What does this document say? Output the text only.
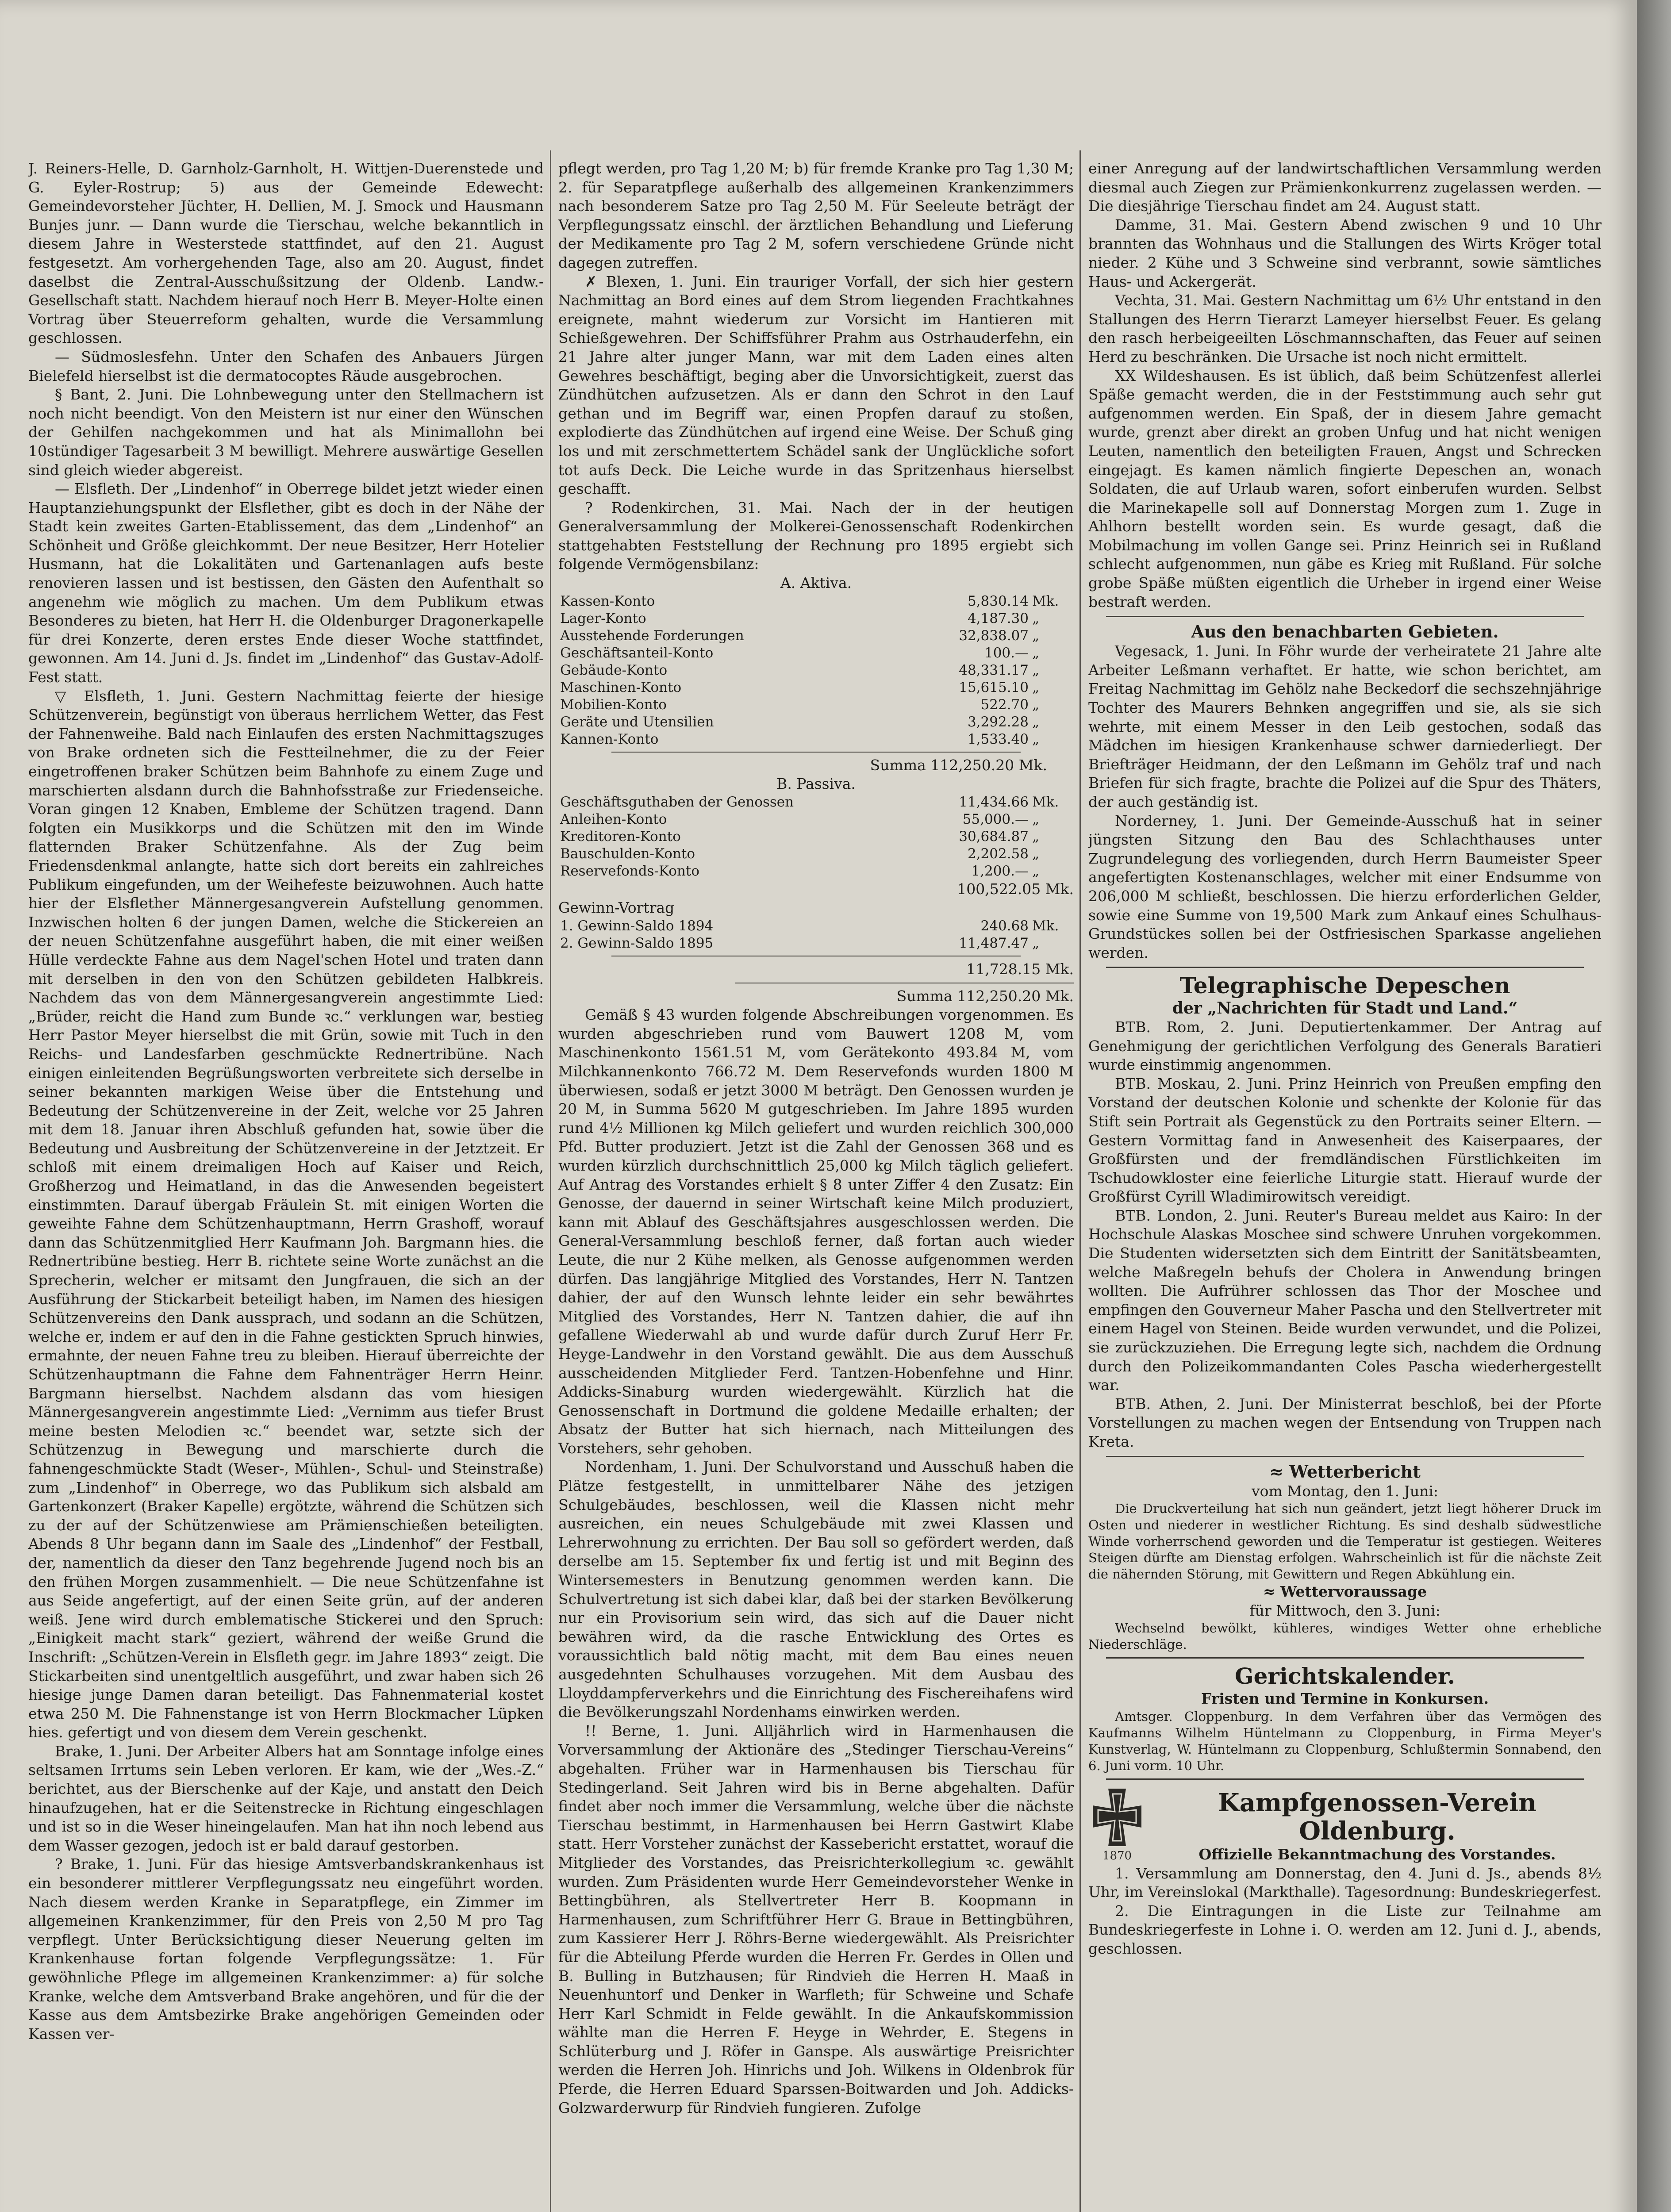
J. Reiners-Helle, D. Garnholz-Garnholt, H. Wittjen-Duerenstede und G. Eyler-Rostrup; 5) aus der Gemeinde Edewecht: Gemeindevorsteher Jüchter, H. Dellien, M. J. Smock und Hausmann Bunjes junr. — Dann wurde die Tierschau, welche bekanntlich in diesem Jahre in Westerstede stattfindet, auf den 21. August festgesetzt. Am vorhergehenden Tage, also am 20. August, findet daselbst die Zentral-Ausschußsitzung der Oldenb. Landw.-Gesellschaft statt. Nachdem hierauf noch Herr B. Meyer-Holte einen Vortrag über Steuerreform gehalten, wurde die Versammlung geschlossen.

— Südmoslesfehn. Unter den Schafen des Anbauers Jürgen Bielefeld hierselbst ist die dermatocoptes Räude ausgebrochen.

§ Bant, 2. Juni. Die Lohnbewegung unter den Stellmachern ist noch nicht beendigt. Von den Meistern ist nur einer den Wünschen der Gehilfen nachgekommen und hat als Minimallohn bei 10stündiger Tagesarbeit 3 M bewilligt. Mehrere auswärtige Gesellen sind gleich wieder abgereist.

— Elsfleth. Der „Lindenhof“ in Oberrege bildet jetzt wieder einen Hauptanziehungspunkt der Elsflether, gibt es doch in der Nähe der Stadt kein zweites Garten-Etablissement, das dem „Lindenhof“ an Schönheit und Größe gleichkommt. Der neue Besitzer, Herr Hotelier Husmann, hat die Lokalitäten und Gartenanlagen aufs beste renovieren lassen und ist bestissen, den Gästen den Aufenthalt so angenehm wie möglich zu machen. Um dem Publikum etwas Besonderes zu bieten, hat Herr H. die Oldenburger Dragonerkapelle für drei Konzerte, deren erstes Ende dieser Woche stattfindet, gewonnen. Am 14. Juni d. Js. findet im „Lindenhof“ das Gustav-Adolf-Fest statt.

▽ Elsfleth, 1. Juni. Gestern Nachmittag feierte der hiesige Schützenverein, begünstigt von überaus herrlichem Wetter, das Fest der Fahnenweihe. Bald nach Einlaufen des ersten Nachmittagszuges von Brake ordneten sich die Festteilnehmer, die zu der Feier eingetroffenen braker Schützen beim Bahnhofe zu einem Zuge und marschierten alsdann durch die Bahnhofsstraße zur Friedenseiche. Voran gingen 12 Knaben, Embleme der Schützen tragend. Dann folgten ein Musikkorps und die Schützen mit den im Winde flatternden Braker Schützenfahne. Als der Zug beim Friedensdenkmal anlangte, hatte sich dort bereits ein zahlreiches Publikum eingefunden, um der Weihefeste beizuwohnen. Auch hatte hier der Elsflether Männergesangverein Aufstellung genommen. Inzwischen holten 6 der jungen Damen, welche die Stickereien an der neuen Schützenfahne ausgeführt haben, die mit einer weißen Hülle verdeckte Fahne aus dem Nagel'schen Hotel und traten dann mit derselben in den von den Schützen gebildeten Halbkreis. Nachdem das von dem Männergesangverein angestimmte Lied: „Brüder, reicht die Hand zum Bunde ꝛc.“ verklungen war, bestieg Herr Pastor Meyer hierselbst die mit Grün, sowie mit Tuch in den Reichs- und Landesfarben geschmückte Rednertribüne. Nach einigen einleitenden Begrüßungsworten verbreitete sich derselbe in seiner bekannten markigen Weise über die Entstehung und Bedeutung der Schützenvereine in der Zeit, welche vor 25 Jahren mit dem 18. Januar ihren Abschluß gefunden hat, sowie über die Bedeutung und Ausbreitung der Schützenvereine in der Jetztzeit. Er schloß mit einem dreimaligen Hoch auf Kaiser und Reich, Großherzog und Heimatland, in das die Anwesenden begeistert einstimmten. Darauf übergab Fräulein St. mit einigen Worten die geweihte Fahne dem Schützenhauptmann, Herrn Grashoff, worauf dann das Schützenmitglied Herr Kaufmann Joh. Bargmann hies. die Rednertribüne bestieg. Herr B. richtete seine Worte zunächst an die Sprecherin, welcher er mitsamt den Jungfrauen, die sich an der Ausführung der Stickarbeit beteiligt haben, im Namen des hiesigen Schützenvereins den Dank aussprach, und sodann an die Schützen, welche er, indem er auf den in die Fahne gestickten Spruch hinwies, ermahnte, der neuen Fahne treu zu bleiben. Hierauf überreichte der Schützenhauptmann die Fahne dem Fahnenträger Herrn Heinr. Bargmann hierselbst. Nachdem alsdann das vom hiesigen Männergesangverein angestimmte Lied: „Vernimm aus tiefer Brust meine besten Melodien ꝛc.“ beendet war, setzte sich der Schützenzug in Bewegung und marschierte durch die fahnengeschmückte Stadt (Weser-, Mühlen-, Schul- und Steinstraße) zum „Lindenhof“ in Oberrege, wo das Publikum sich alsbald am Gartenkonzert (Braker Kapelle) ergötzte, während die Schützen sich zu der auf der Schützenwiese am Prämienschießen beteiligten. Abends 8 Uhr begann dann im Saale des „Lindenhof“ der Festball, der, namentlich da dieser den Tanz begehrende Jugend noch bis an den frühen Morgen zusammenhielt. — Die neue Schützenfahne ist aus Seide angefertigt, auf der einen Seite grün, auf der anderen weiß. Jene wird durch emblematische Stickerei und den Spruch: „Einigkeit macht stark“ geziert, während der weiße Grund die Inschrift: „Schützen-Verein in Elsfleth gegr. im Jahre 1893“ zeigt. Die Stickarbeiten sind unentgeltlich ausgeführt, und zwar haben sich 26 hiesige junge Damen daran beteiligt. Das Fahnenmaterial kostet etwa 250 M. Die Fahnenstange ist von Herrn Blockmacher Lüpken hies. gefertigt und von diesem dem Verein geschenkt.

Brake, 1. Juni. Der Arbeiter Albers hat am Sonntage infolge eines seltsamen Irrtums sein Leben verloren. Er kam, wie der „Wes.-Z.“ berichtet, aus der Bierschenke auf der Kaje, und anstatt den Deich hinaufzugehen, hat er die Seitenstrecke in Richtung eingeschlagen und ist so in die Weser hineingelaufen. Man hat ihn noch lebend aus dem Wasser gezogen, jedoch ist er bald darauf gestorben.

? Brake, 1. Juni. Für das hiesige Amtsverbandskrankenhaus ist ein besonderer mittlerer Verpflegungssatz neu eingeführt worden. Nach diesem werden Kranke in Separatpflege, ein Zimmer im allgemeinen Krankenzimmer, für den Preis von 2,50 M pro Tag verpflegt. Unter Berücksichtigung dieser Neuerung gelten im Krankenhause fortan folgende Verpflegungssätze: 1. Für gewöhnliche Pflege im allgemeinen Krankenzimmer: a) für solche Kranke, welche dem Amtsverband Brake angehören, und für die der Kasse aus dem Amtsbezirke Brake angehörigen Gemeinden oder Kassen ver-

pflegt werden, pro Tag 1,20 M; b) für fremde Kranke pro Tag 1,30 M; 2. für Separatpflege außerhalb des allgemeinen Krankenzimmers nach besonderem Satze pro Tag 2,50 M. Für Seeleute beträgt der Verpflegungssatz einschl. der ärztlichen Behandlung und Lieferung der Medikamente pro Tag 2 M, sofern verschiedene Gründe nicht dagegen zutreffen.

✗ Blexen, 1. Juni. Ein trauriger Vorfall, der sich hier gestern Nachmittag an Bord eines auf dem Strom liegenden Frachtkahnes ereignete, mahnt wiederum zur Vorsicht im Hantieren mit Schießgewehren. Der Schiffsführer Prahm aus Ostrhauderfehn, ein 21 Jahre alter junger Mann, war mit dem Laden eines alten Gewehres beschäftigt, beging aber die Unvorsichtigkeit, zuerst das Zündhütchen aufzusetzen. Als er dann den Schrot in den Lauf gethan und im Begriff war, einen Propfen darauf zu stoßen, explodierte das Zündhütchen auf irgend eine Weise. Der Schuß ging los und mit zerschmettertem Schädel sank der Unglückliche sofort tot aufs Deck. Die Leiche wurde in das Spritzenhaus hierselbst geschafft.

? Rodenkirchen, 31. Mai. Nach der in der heutigen Generalversammlung der Molkerei-Genossenschaft Rodenkirchen stattgehabten Feststellung der Rechnung pro 1895 ergiebt sich folgende Vermögensbilanz:

A. Aktiva.
Kassen-Konto	5,830.14	Mk.
Lager-Konto	4,187.30	„
Ausstehende Forderungen	32,838.07	„
Geschäftsanteil-Konto	100.—	„
Gebäude-Konto	48,331.17	„
Maschinen-Konto	15,615.10	„
Mobilien-Konto	522.70	„
Geräte und Utensilien	3,292.28	„
Kannen-Konto	1,533.40	„
Summa 112,250.20 Mk.
B. Passiva.
Geschäftsguthaben der Genossen	11,434.66	Mk.
Anleihen-Konto	55,000.—	„
Kreditoren-Konto	30,684.87	„
Bauschulden-Konto	2,202.58	„
Reservefonds-Konto	1,200.—	„
100,522.05 Mk.
Gewinn-Vortrag
1. Gewinn-Saldo 1894	240.68	Mk.
2. Gewinn-Saldo 1895	11,487.47	„
11,728.15 Mk.
Summa 112,250.20 Mk.

Gemäß § 43 wurden folgende Abschreibungen vorgenommen. Es wurden abgeschrieben rund vom Bauwert 1208 M, vom Maschinenkonto 1561.51 M, vom Gerätekonto 493.84 M, vom Milchkannenkonto 766.72 M. Dem Reservefonds wurden 1800 M überwiesen, sodaß er jetzt 3000 M beträgt. Den Genossen wurden je 20 M, in Summa 5620 M gutgeschrieben. Im Jahre 1895 wurden rund 4½ Millionen kg Milch geliefert und wurden reichlich 300,000 Pfd. Butter produziert. Jetzt ist die Zahl der Genossen 368 und es wurden kürzlich durchschnittlich 25,000 kg Milch täglich geliefert. Auf Antrag des Vorstandes erhielt § 8 unter Ziffer 4 den Zusatz: Ein Genosse, der dauernd in seiner Wirtschaft keine Milch produziert, kann mit Ablauf des Geschäftsjahres ausgeschlossen werden. Die General-Versammlung beschloß ferner, daß fortan auch wieder Leute, die nur 2 Kühe melken, als Genosse aufgenommen werden dürfen. Das langjährige Mitglied des Vorstandes, Herr N. Tantzen dahier, der auf den Wunsch lehnte leider ein sehr bewährtes Mitglied des Vorstandes, Herr N. Tantzen dahier, die auf ihn gefallene Wiederwahl ab und wurde dafür durch Zuruf Herr Fr. Heyge-Landwehr in den Vorstand gewählt. Die aus dem Ausschuß ausscheidenden Mitglieder Ferd. Tantzen-Hobenfehne und Hinr. Addicks-Sinaburg wurden wiedergewählt. Kürzlich hat die Genossenschaft in Dortmund die goldene Medaille erhalten; der Absatz der Butter hat sich hiernach, nach Mitteilungen des Vorstehers, sehr gehoben.

Nordenham, 1. Juni. Der Schulvorstand und Ausschuß haben die Plätze festgestellt, in unmittelbarer Nähe des jetzigen Schulgebäudes, beschlossen, weil die Klassen nicht mehr ausreichen, ein neues Schulgebäude mit zwei Klassen und Lehrerwohnung zu errichten. Der Bau soll so gefördert werden, daß derselbe am 15. September fix und fertig ist und mit Beginn des Wintersemesters in Benutzung genommen werden kann. Die Schulvertretung ist sich dabei klar, daß bei der starken Bevölkerung nur ein Provisorium sein wird, das sich auf die Dauer nicht bewähren wird, da die rasche Entwicklung des Ortes es voraussichtlich bald nötig macht, mit dem Bau eines neuen ausgedehnten Schulhauses vorzugehen. Mit dem Ausbau des Lloyddampferverkehrs und die Einrichtung des Fischereihafens wird die Bevölkerungszahl Nordenhams einwirken werden.

!! Berne, 1. Juni. Alljährlich wird in Harmenhausen die Vorversammlung der Aktionäre des „Stedinger Tierschau-Vereins“ abgehalten. Früher war in Harmenhausen bis Tierschau für Stedingerland. Seit Jahren wird bis in Berne abgehalten. Dafür findet aber noch immer die Versammlung, welche über die nächste Tierschau bestimmt, in Harmenhausen bei Herrn Gastwirt Klabe statt. Herr Vorsteher zunächst der Kassebericht erstattet, worauf die Mitglieder des Vorstandes, das Preisrichterkollegium ꝛc. gewählt wurden. Zum Präsidenten wurde Herr Gemeindevorsteher Wenke in Bettingbühren, als Stellvertreter Herr B. Koopmann in Harmenhausen, zum Schriftführer Herr G. Braue in Bettingbühren, zum Kassierer Herr J. Röhrs-Berne wiedergewählt. Als Preisrichter für die Abteilung Pferde wurden die Herren Fr. Gerdes in Ollen und B. Bulling in Butzhausen; für Rindvieh die Herren H. Maaß in Neuenhuntorf und Denker in Warfleth; für Schweine und Schafe Herr Karl Schmidt in Felde gewählt. In die Ankaufskommission wählte man die Herren F. Heyge in Wehrder, E. Stegens in Schlüterburg und J. Röfer in Ganspe. Als auswärtige Preisrichter werden die Herren Joh. Hinrichs und Joh. Wilkens in Oldenbrok für Pferde, die Herren Eduard Sparssen-Boitwarden und Joh. Addicks-Golzwarderwurp für Rindvieh fungieren. Zufolge

einer Anregung auf der landwirtschaftlichen Versammlung werden diesmal auch Ziegen zur Prämienkonkurrenz zugelassen werden. — Die diesjährige Tierschau findet am 24. August statt.

Damme, 31. Mai. Gestern Abend zwischen 9 und 10 Uhr brannten das Wohnhaus und die Stallungen des Wirts Kröger total nieder. 2 Kühe und 3 Schweine sind verbrannt, sowie sämtliches Haus- und Ackergerät.

Vechta, 31. Mai. Gestern Nachmittag um 6½ Uhr entstand in den Stallungen des Herrn Tierarzt Lameyer hierselbst Feuer. Es gelang den rasch herbeigeeilten Löschmannschaften, das Feuer auf seinen Herd zu beschränken. Die Ursache ist noch nicht ermittelt.

XX Wildeshausen. Es ist üblich, daß beim Schützenfest allerlei Späße gemacht werden, die in der Feststimmung auch sehr gut aufgenommen werden. Ein Spaß, der in diesem Jahre gemacht wurde, grenzt aber direkt an groben Unfug und hat nicht wenigen Leuten, namentlich den beteiligten Frauen, Angst und Schrecken eingejagt. Es kamen nämlich fingierte Depeschen an, wonach Soldaten, die auf Urlaub waren, sofort einberufen wurden. Selbst die Marinekapelle soll auf Donnerstag Morgen zum 1. Zuge in Ahlhorn bestellt worden sein. Es wurde gesagt, daß die Mobilmachung im vollen Gange sei. Prinz Heinrich sei in Rußland schlecht aufgenommen, nun gäbe es Krieg mit Rußland. Für solche grobe Späße müßten eigentlich die Urheber in irgend einer Weise bestraft werden.

Aus den benachbarten Gebieten.

Vegesack, 1. Juni. In Föhr wurde der verheiratete 21 Jahre alte Arbeiter Leßmann verhaftet. Er hatte, wie schon berichtet, am Freitag Nachmittag im Gehölz nahe Beckedorf die sechszehnjährige Tochter des Maurers Behnken angegriffen und sie, als sie sich wehrte, mit einem Messer in den Leib gestochen, sodaß das Mädchen im hiesigen Krankenhause schwer darniederliegt. Der Briefträger Heidmann, der den Leßmann im Gehölz traf und nach Briefen für sich fragte, brachte die Polizei auf die Spur des Thäters, der auch geständig ist.

Norderney, 1. Juni. Der Gemeinde-Ausschuß hat in seiner jüngsten Sitzung den Bau des Schlachthauses unter Zugrundelegung des vorliegenden, durch Herrn Baumeister Speer angefertigten Kostenanschlages, welcher mit einer Endsumme von 206,000 M schließt, beschlossen. Die hierzu erforderlichen Gelder, sowie eine Summe von 19,500 Mark zum Ankauf eines Schulhaus-Grundstückes sollen bei der Ostfriesischen Sparkasse angeliehen werden.

Telegraphische Depeschen
der „Nachrichten für Stadt und Land.“

BTB. Rom, 2. Juni. Deputiertenkammer. Der Antrag auf Genehmigung der gerichtlichen Verfolgung des Generals Baratieri wurde einstimmig angenommen.

BTB. Moskau, 2. Juni. Prinz Heinrich von Preußen empfing den Vorstand der deutschen Kolonie und schenkte der Kolonie für das Stift sein Portrait als Gegenstück zu den Portraits seiner Eltern. — Gestern Vormittag fand in Anwesenheit des Kaiserpaares, der Großfürsten und der fremdländischen Fürstlichkeiten im Tschudowkloster eine feierliche Liturgie statt. Hierauf wurde der Großfürst Cyrill Wladimirowitsch vereidigt.

BTB. London, 2. Juni. Reuter's Bureau meldet aus Kairo: In der Hochschule Alaskas Moschee sind schwere Unruhen vorgekommen. Die Studenten widersetzten sich dem Eintritt der Sanitätsbeamten, welche Maßregeln behufs der Cholera in Anwendung bringen wollten. Die Aufrührer schlossen das Thor der Moschee und empfingen den Gouverneur Maher Pascha und den Stellvertreter mit einem Hagel von Steinen. Beide wurden verwundet, und die Polizei, sie zurückzuziehen. Die Erregung legte sich, nachdem die Ordnung durch den Polizeikommandanten Coles Pascha wiederhergestellt war.

BTB. Athen, 2. Juni. Der Ministerrat beschloß, bei der Pforte Vorstellungen zu machen wegen der Entsendung von Truppen nach Kreta.

≈ Wetterbericht
vom Montag, den 1. Juni:

Die Druckverteilung hat sich nun geändert, jetzt liegt höherer Druck im Osten und niederer in westlicher Richtung. Es sind deshalb südwestliche Winde vorherrschend geworden und die Temperatur ist gestiegen. Weiteres Steigen dürfte am Dienstag erfolgen. Wahrscheinlich ist für die nächste Zeit die nähernden Störung, mit Gewittern und Regen Abkühlung ein.

≈ Wettervoraussage
für Mittwoch, den 3. Juni:

Wechselnd bewölkt, kühleres, windiges Wetter ohne erhebliche Niederschläge.

Gerichtskalender.
Fristen und Termine in Konkursen.

Amtsger. Cloppenburg. In dem Verfahren über das Vermögen des Kaufmanns Wilhelm Hüntelmann zu Cloppenburg, in Firma Meyer's Kunstverlag, W. Hüntelmann zu Cloppenburg, Schlußtermin Sonnabend, den 6. Juni vorm. 10 Uhr.

1870
Kampfgenossen-Verein Oldenburg.
Offizielle Bekanntmachung des Vorstandes.

1. Versammlung am Donnerstag, den 4. Juni d. Js., abends 8½ Uhr, im Vereinslokal (Markthalle). Tagesordnung: Bundeskriegerfest.

2. Die Eintragungen in die Liste zur Teilnahme am Bundeskriegerfeste in Lohne i. O. werden am 12. Juni d. J., abends, geschlossen.
